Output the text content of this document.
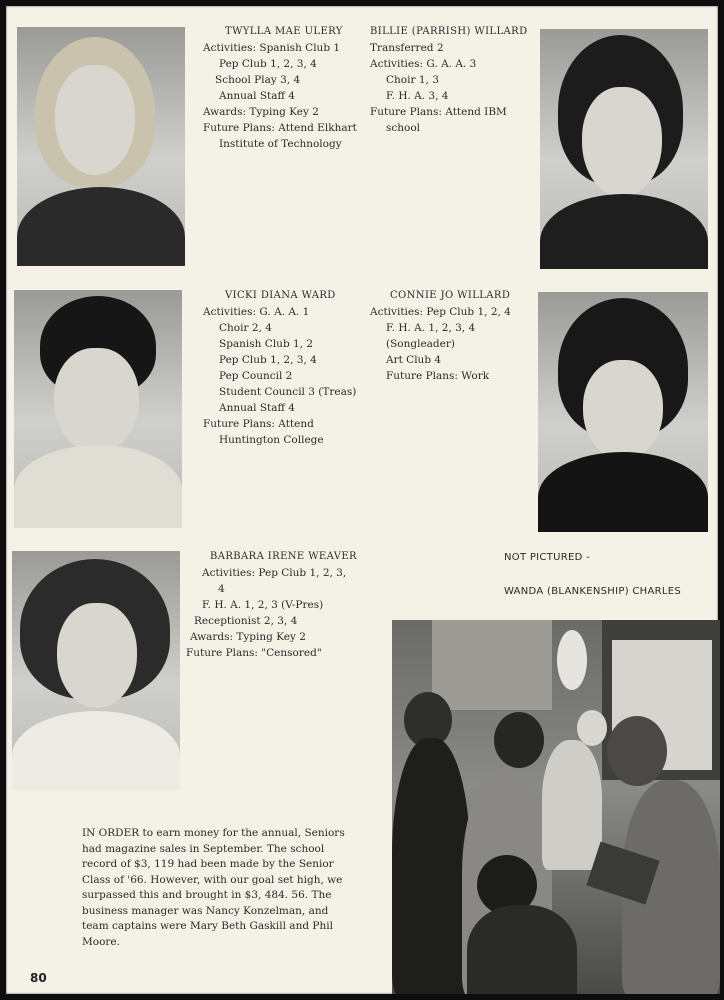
TWYLLA MAE ULERY
Activities: Spanish Club 1
Pep Club 1, 2, 3, 4
School Play 3, 4
Annual Staff 4
Awards: Typing Key 2
Future Plans: Attend Elkhart
Institute of Technology
BILLIE (PARRISH) WILLARD
Transferred 2
Activities: G. A. A. 3
Choir 1, 3
F. H. A. 3, 4
Future Plans: Attend IBM
school
VICKI DIANA WARD
Activities: G. A. A. 1
Choir 2, 4
Spanish Club 1, 2
Pep Club 1, 2, 3, 4
Pep Council 2
Student Council 3 (Treas)
Annual Staff 4
Future Plans: Attend
Huntington College
CONNIE JO WILLARD
Activities: Pep Club 1, 2, 4
F. H. A. 1, 2, 3, 4
(Songleader)
Art Club 4
Future Plans: Work
BARBARA IRENE WEAVER
Activities: Pep Club 1, 2, 3,
4
F. H. A. 1, 2, 3 (V-Pres)
Receptionist 2, 3, 4
Awards: Typing Key 2
Future Plans: "Censored"
NOT PICTURED -
WANDA (BLANKENSHIP) CHARLES
IN ORDER to earn money for the annual, Seniors had magazine sales in September. The school record of $3, 119 had been made by the Senior Class of '66. However, with our goal set high, we surpassed this and brought in $3, 484. 56. The business manager was Nancy Konzelman, and team captains were Mary Beth Gaskill and Phil Moore.
80
